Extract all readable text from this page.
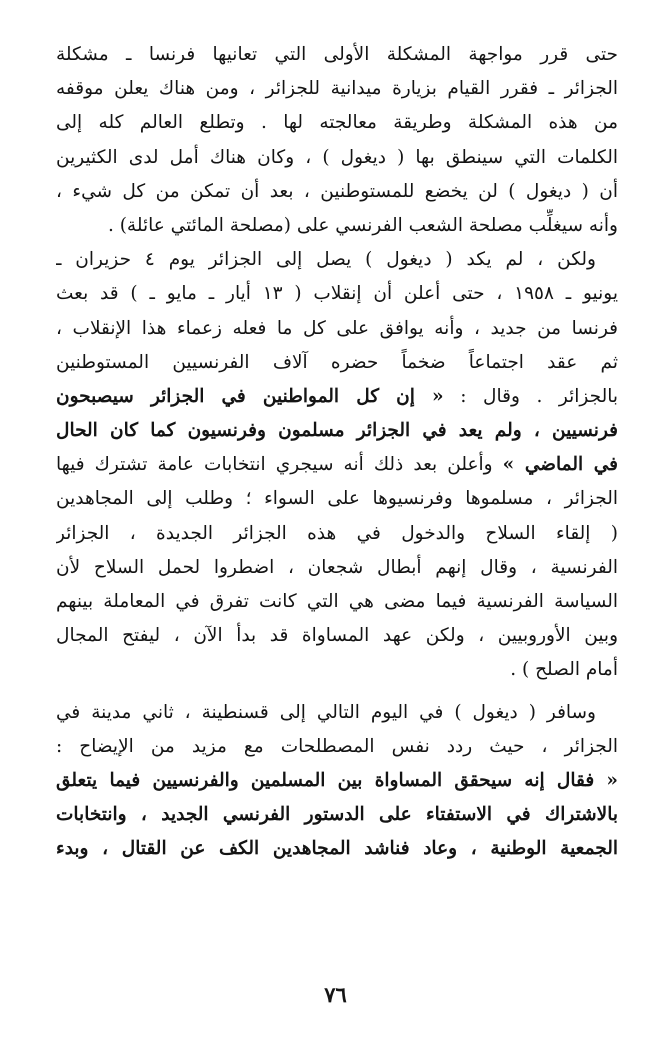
حتى قرر مواجهة المشكلة الأولى التي تعانيها فرنسا ـ مشكلة
الجزائر ـ فقرر القيام بزيارة ميدانية للجزائر ، ومن هناك يعلن موقفه
من هذه المشكلة وطريقة معالجته لها . وتطلع العالم كله إلى
الكلمات التي سينطق بها ( ديغول ) ، وكان هناك أمل لدى الكثيرين
أن ( ديغول ) لن يخضع للمستوطنين ، بعد أن تمكن من كل شيء ،
وأنه سيغلِّب مصلحة الشعب الفرنسي على (مصلحة المائتي عائلة) .
ولكن ، لم يكد ( ديغول ) يصل إلى الجزائر يوم ٤ حزيران ـ
يونيو ـ ١٩٥٨ ، حتى أعلن أن إنقلاب ( ١٣ أيار ـ مايو ـ ) قد بعث
فرنسا من جديد ، وأنه يوافق على كل ما فعله زعماء هذا الإنقلاب ،
ثم عقد اجتماعاً ضخماً حضره آلاف الفرنسيين المستوطنين
بالجزائر . وقال : « إن كل المواطنين في الجزائر سيصبحون
فرنسيين ، ولم يعد في الجزائر مسلمون وفرنسيون كما كان الحال
في الماضي » وأعلن بعد ذلك أنه سيجري انتخابات عامة تشترك فيها
الجزائر ، مسلموها وفرنسيوها على السواء ؛ وطلب إلى المجاهدين
( إلقاء السلاح والدخول في هذه الجزائر الجديدة ، الجزائر
الفرنسية ، وقال إنهم أبطال شجعان ، اضطروا لحمل السلاح لأن
السياسة الفرنسية فيما مضى هي التي كانت تفرق في المعاملة بينهم
وبين الأوروبيين ، ولكن عهد المساواة قد بدأ الآن ، ليفتح المجال
أمام الصلح ) .
وسافر ( ديغول ) في اليوم التالي إلى قسنطينة ، ثاني مدينة في
الجزائر ، حيث ردد نفس المصطلحات مع مزيد من الإيضاح :
« فقال إنه سيحقق المساواة بين المسلمين والفرنسيين فيما يتعلق
بالاشتراك في الاستفتاء على الدستور الفرنسي الجديد ، وانتخابات
الجمعية الوطنية ، وعاد فناشد المجاهدين الكف عن القتال ، وبدء
٧٦
